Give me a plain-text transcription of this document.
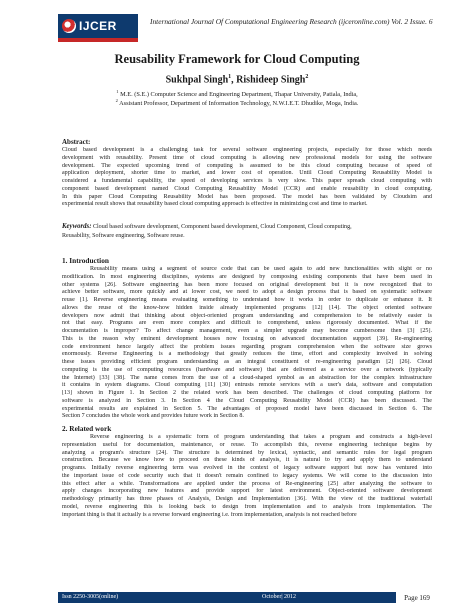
IJCER	International Journal Of Computational Engineering Research (ijceronline.com) Vol. 2 Issue. 6
Reusability Framework for Cloud Computing
Sukhpal Singh$^1$, Rishideep Singh$^2$
$^1$ M.E. (S.E.) Computer Science and Engineering Department, Thapar University, Patiala, India,
$^2$ Assistant Professor, Department of Information Technology, N.W.I.E.T. Dhudike, Moga, India.
Abstract:
Cloud based development is a challenging task for several software engineering projects, especially for those which needs
development with reusability. Present time of cloud computing is allowing new professional models for using the software
development. The expected upcoming trend of computing is assumed to be this cloud computing because of speed of
application deployment, shorter time to market, and lower cost of operation. Until Cloud Computing Reusability Model is
considered a fundamental capability, the speed of developing services is very slow. This paper spreads cloud computing with
component based development named Cloud Computing Reusability Model (CCR) and enable reusability in cloud computing.
In this paper Cloud Computing Reusability Model has been proposed. The model has been validated by Cloudsim and
experimental result shows that reusability based cloud computing approach is effective in minimizing cost and time to market.
Keywords: Cloud based software development, Component based development, Cloud Component, Cloud computing,
Reusability, Software engineering, Software reuse.
1. Introduction
Reusability means using a segment of source code that can be used again to add new functionalities with slight or no
modification. In most engineering disciplines, systems are designed by composing existing components that have been used in
other systems [26]. Software engineering has been more focused on original development but it is now recognized that to
achieve better software, more quickly and at lower cost, we need to adopt a design process that is based on systematic software
reuse [1]. Reverse engineering means evaluating something to understand how it works in order to duplicate or enhance it. It
allows the reuse of the know-how hidden inside already implemented programs [12] [14]. The object oriented software
developers now admit that thinking about object-oriented program understanding and comprehension to be relatively easier is
not that easy. Programs are even more complex and difficult to comprehend, unless rigorously documented. What if the
documentation is improper? To affect change management, even a simpler upgrade may become cumbersome then [3] [25].
This is the reason why eminent development houses now focusing on advanced documentation support [39]. Re-engineering
code environment hence largely affect the problem issues regarding program comprehension when the software size grows
enormously. Reverse Engineering is a methodology that greatly reduces the time, effort and complexity involved in solving
these issues providing efficient program understanding as an integral constituent of re-engineering paradigm [2] [26]. Cloud
computing is the use of computing resources (hardware and software) that are delivered as a service over a network (typically
the Internet) [33] [38]. The name comes from the use of a cloud-shaped symbol as an abstraction for the complex infrastructure
it contains in system diagrams. Cloud computing [11] [30] entrusts remote services with a user's data, software and computation
[13] shown in Figure 1. In Section 2 the related work has been described. The challenges of cloud computing platform for
software is analyzed in Section 3. In Section 4 the Cloud Computing Reusability Model (CCR) has been discussed. The
experimental results are explained in Section 5. The advantages of proposed model have been discussed in Section 6. The
Section 7 concludes the whole work and provides future work in Section 8.
2. Related work
Reverse engineering is a systematic form of program understanding that takes a program and constructs a high-level
representation useful for documentation, maintenance, or reuse. To accomplish this, reverse engineering technique begins by
analyzing a program's structure [24]. The structure is determined by lexical, syntactic, and semantic rules for legal program
construction. Because we know how to proceed on these kinds of analysis, it is natural to try and apply them to understand
programs. Initially reverse engineering term was evolved in the context of legacy software support but now has ventured into
the important issue of code security such that it doesn't remain confined to legacy systems. We will come to the discussion into
this effect after a while. Transformations are applied under the process of Re-engineering [25] after analyzing the software to
apply changes incorporating new features and provide support for latest environment. Object-oriented software development
methodology primarily has three phases of Analysis, Design and Implementation [36]. With the view of the traditional waterfall
model, reverse engineering this is looking back to design from implementation and to analysis from implementation. The
important thing is that it actually is a reverse forward engineering i.e. from implementation, analysis is not reached before
Issn 2250-3005(online)	October| 2012	Page 169
